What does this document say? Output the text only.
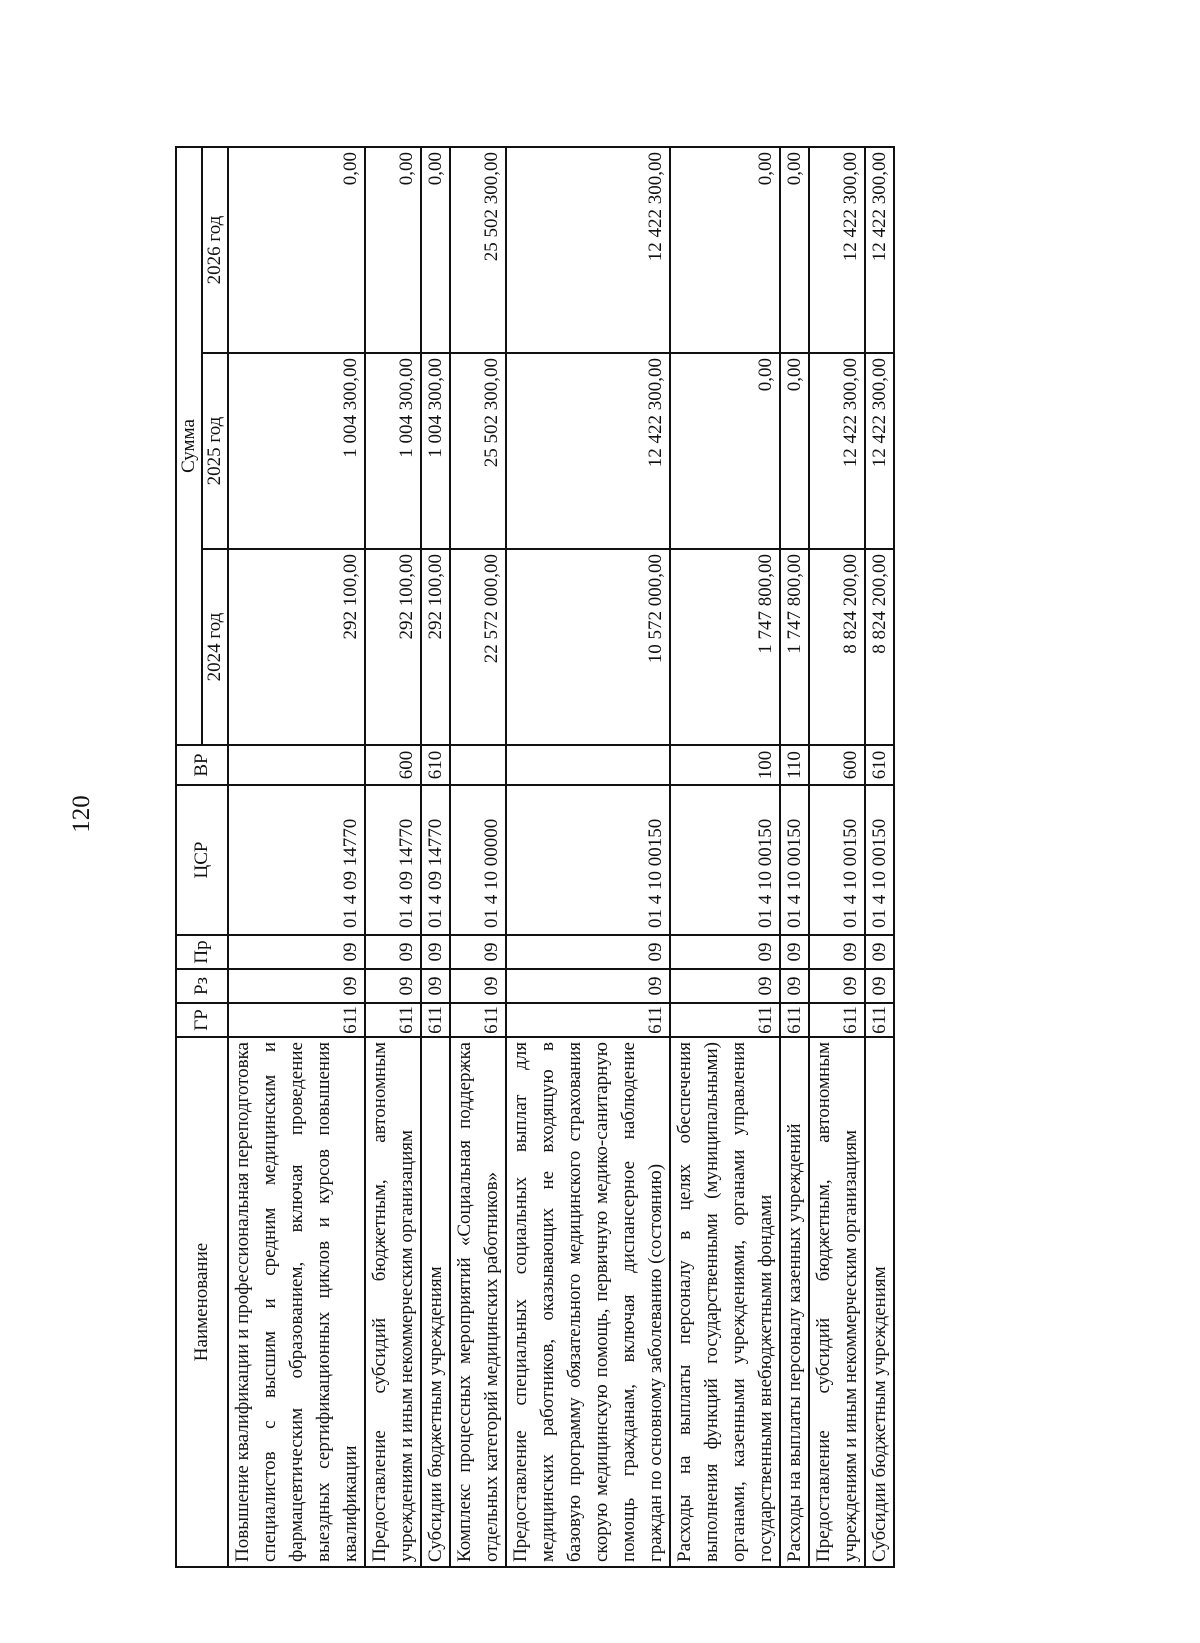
120
Наименование	ГР	Рз	Пр	ЦСР	ВР	Сумма		
						2024 год	2025 год	2026 год
Повышение квалификации и профессиональная переподготовка специалистов с высшим и средним медицинским и фармацевтическим образованием, включая проведение выездных сертификационных циклов и курсов повышения квалификации	611	09	09	01 4 09 14770		292 100,00	1 004 300,00	0,00
Предоставление субсидий бюджетным, автономным учреждениям и иным некоммерческим организациям	611	09	09	01 4 09 14770	600	292 100,00	1 004 300,00	0,00
Субсидии бюджетным учреждениям	611	09	09	01 4 09 14770	610	292 100,00	1 004 300,00	0,00
Комплекс процессных мероприятий «Социальная поддержка отдельных категорий медицинских работников»	611	09	09	01 4 10 00000		22 572 000,00	25 502 300,00	25 502 300,00
Предоставление специальных социальных выплат для медицинских работников, оказывающих не входящую в базовую программу обязательного медицинского страхования скорую медицинскую помощь, первичную медико-санитарную помощь гражданам, включая диспансерное наблюдение граждан по основному заболеванию (состоянию)	611	09	09	01 4 10 00150		10 572 000,00	12 422 300,00	12 422 300,00
Расходы на выплаты персоналу в целях обеспечения выполнения функций государственными (муниципальными) органами, казенными учреждениями, органами управления государственными внебюджетными фондами	611	09	09	01 4 10 00150	100	1 747 800,00	0,00	0,00
Расходы на выплаты персоналу казенных учреждений	611	09	09	01 4 10 00150	110	1 747 800,00	0,00	0,00
Предоставление субсидий бюджетным, автономным учреждениям и иным некоммерческим организациям	611	09	09	01 4 10 00150	600	8 824 200,00	12 422 300,00	12 422 300,00
Субсидии бюджетным учреждениям	611	09	09	01 4 10 00150	610	8 824 200,00	12 422 300,00	12 422 300,00
